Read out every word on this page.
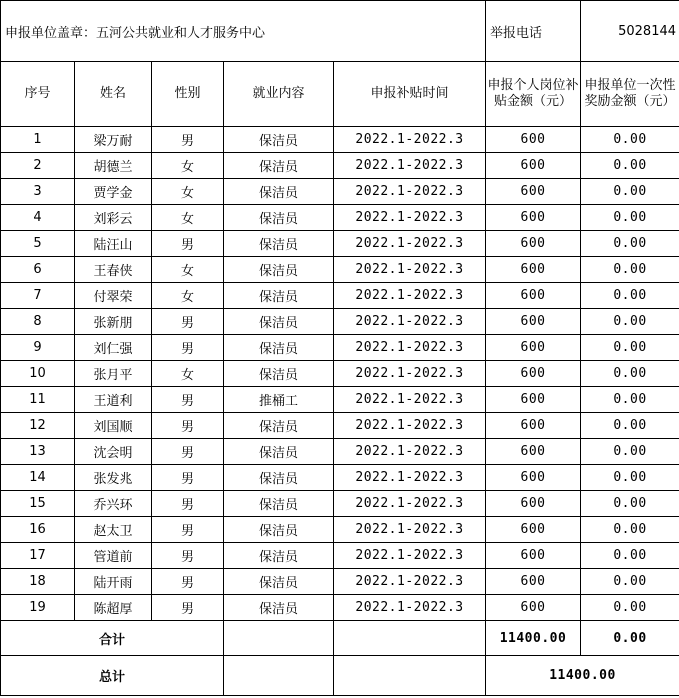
申报单位盖章：五河公共就业和人才服务中心					举报电话	5028144
序号	姓名	性别	就业内容	申报补贴时间	申报个人岗位补贴金额（元）	申报单位一次性奖励金额（元）
1	梁万耐	男	保洁员	2022.1-2022.3	600	0.00
2	胡德兰	女	保洁员	2022.1-2022.3	600	0.00
3	贾学金	女	保洁员	2022.1-2022.3	600	0.00
4	刘彩云	女	保洁员	2022.1-2022.3	600	0.00
5	陆汪山	男	保洁员	2022.1-2022.3	600	0.00
6	王春侠	女	保洁员	2022.1-2022.3	600	0.00
7	付翠荣	女	保洁员	2022.1-2022.3	600	0.00
8	张新朋	男	保洁员	2022.1-2022.3	600	0.00
9	刘仁强	男	保洁员	2022.1-2022.3	600	0.00
10	张月平	女	保洁员	2022.1-2022.3	600	0.00
11	王道利	男	推桶工	2022.1-2022.3	600	0.00
12	刘国顺	男	保洁员	2022.1-2022.3	600	0.00
13	沈会明	男	保洁员	2022.1-2022.3	600	0.00
14	张发兆	男	保洁员	2022.1-2022.3	600	0.00
15	乔兴环	男	保洁员	2022.1-2022.3	600	0.00
16	赵太卫	男	保洁员	2022.1-2022.3	600	0.00
17	管道前	男	保洁员	2022.1-2022.3	600	0.00
18	陆开雨	男	保洁员	2022.1-2022.3	600	0.00
19	陈超厚	男	保洁员	2022.1-2022.3	600	0.00
合计					11400.00	0.00
总计					11400.00	
